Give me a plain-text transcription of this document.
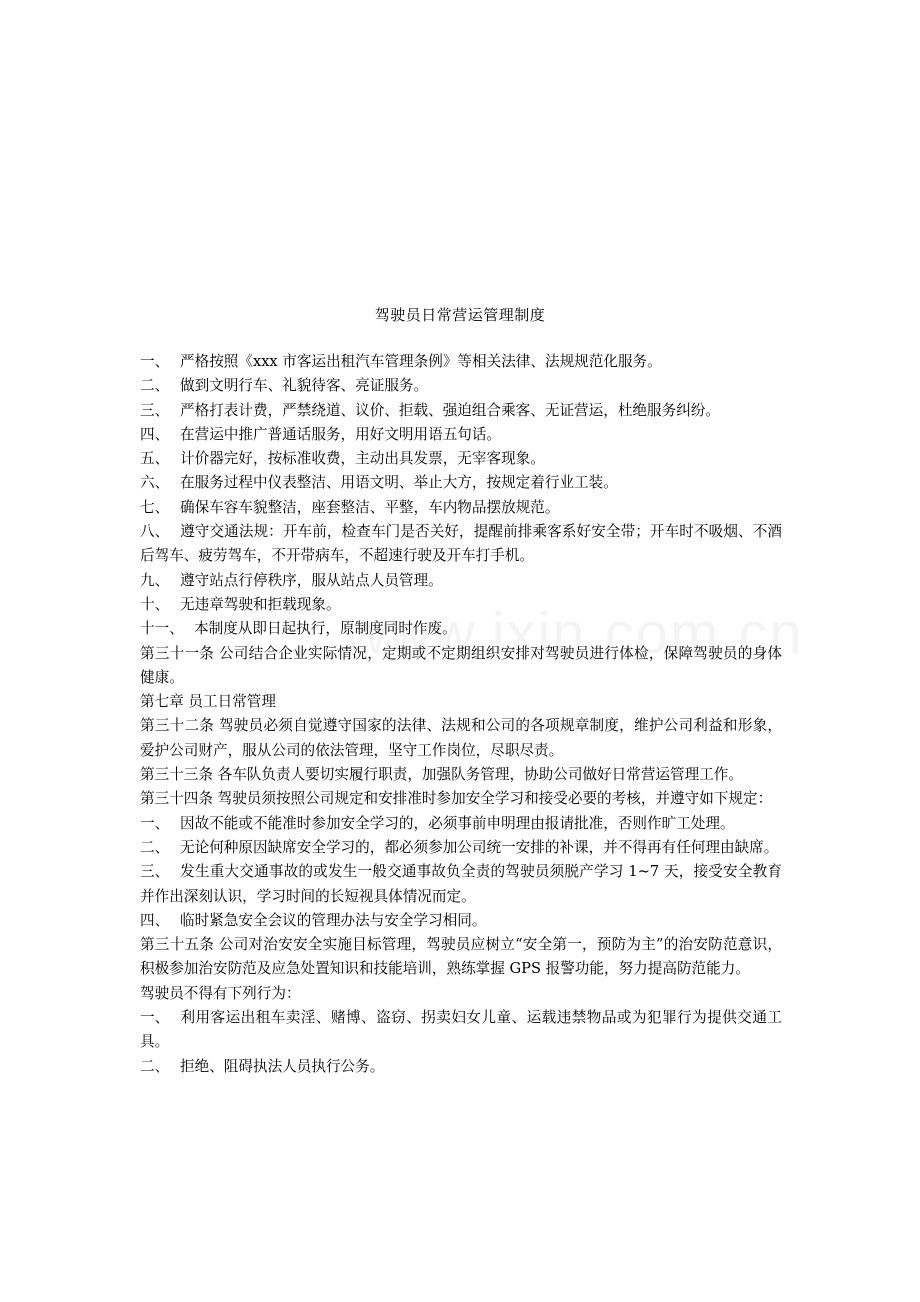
驾驶员日常营运管理制度

一、 严格按照《xxx 市客运出租汽车管理条例》等相关法律、法规规范化服务。

二、 做到文明行车、礼貌待客、亮证服务。

三、 严格打表计费，严禁绕道、议价、拒载、强迫组合乘客、无证营运，杜绝服务纠纷。

四、 在营运中推广普通话服务，用好文明用语五句话。

五、 计价器完好，按标准收费，主动出具发票，无宰客现象。

六、 在服务过程中仪表整洁、用语文明、举止大方，按规定着行业工装。

七、 确保车容车貌整洁，座套整洁、平整，车内物品摆放规范。

八、 遵守交通法规：开车前，检查车门是否关好，提醒前排乘客系好安全带；开车时不吸烟、不酒后驾车、疲劳驾车，不开带病车，不超速行驶及开车打手机。

九、 遵守站点行停秩序，服从站点人员管理。

十、 无违章驾驶和拒载现象。

十一、 本制度从即日起执行，原制度同时作废。

第三十一条 公司结合企业实际情况，定期或不定期组织安排对驾驶员进行体检，保障驾驶员的身体健康。

第七章 员工日常管理

第三十二条 驾驶员必须自觉遵守国家的法律、法规和公司的各项规章制度，维护公司利益和形象，爱护公司财产，服从公司的依法管理，坚守工作岗位，尽职尽责。

第三十三条 各车队负责人要切实履行职责，加强队务管理，协助公司做好日常营运管理工作。

第三十四条 驾驶员须按照公司规定和安排准时参加安全学习和接受必要的考核，并遵守如下规定：

一、 因故不能或不能准时参加安全学习的，必须事前申明理由报请批准，否则作旷工处理。

二、 无论何种原因缺席安全学习的，都必须参加公司统一安排的补课，并不得再有任何理由缺席。

三、 发生重大交通事故的或发生一般交通事故负全责的驾驶员须脱产学习 1~7 天，接受安全教育并作出深刻认识，学习时间的长短视具体情况而定。

四、 临时紧急安全会议的管理办法与安全学习相同。

第三十五条 公司对治安安全实施目标管理，驾驶员应树立“安全第一，预防为主”的治安防范意识，积极参加治安防范及应急处置知识和技能培训，熟练掌握 GPS 报警功能，努力提高防范能力。

驾驶员不得有下列行为：

一、 利用客运出租车卖淫、赌博、盗窃、拐卖妇女儿童、运载违禁物品或为犯罪行为提供交通工具。

二、 拒绝、阻碍执法人员执行公务。
